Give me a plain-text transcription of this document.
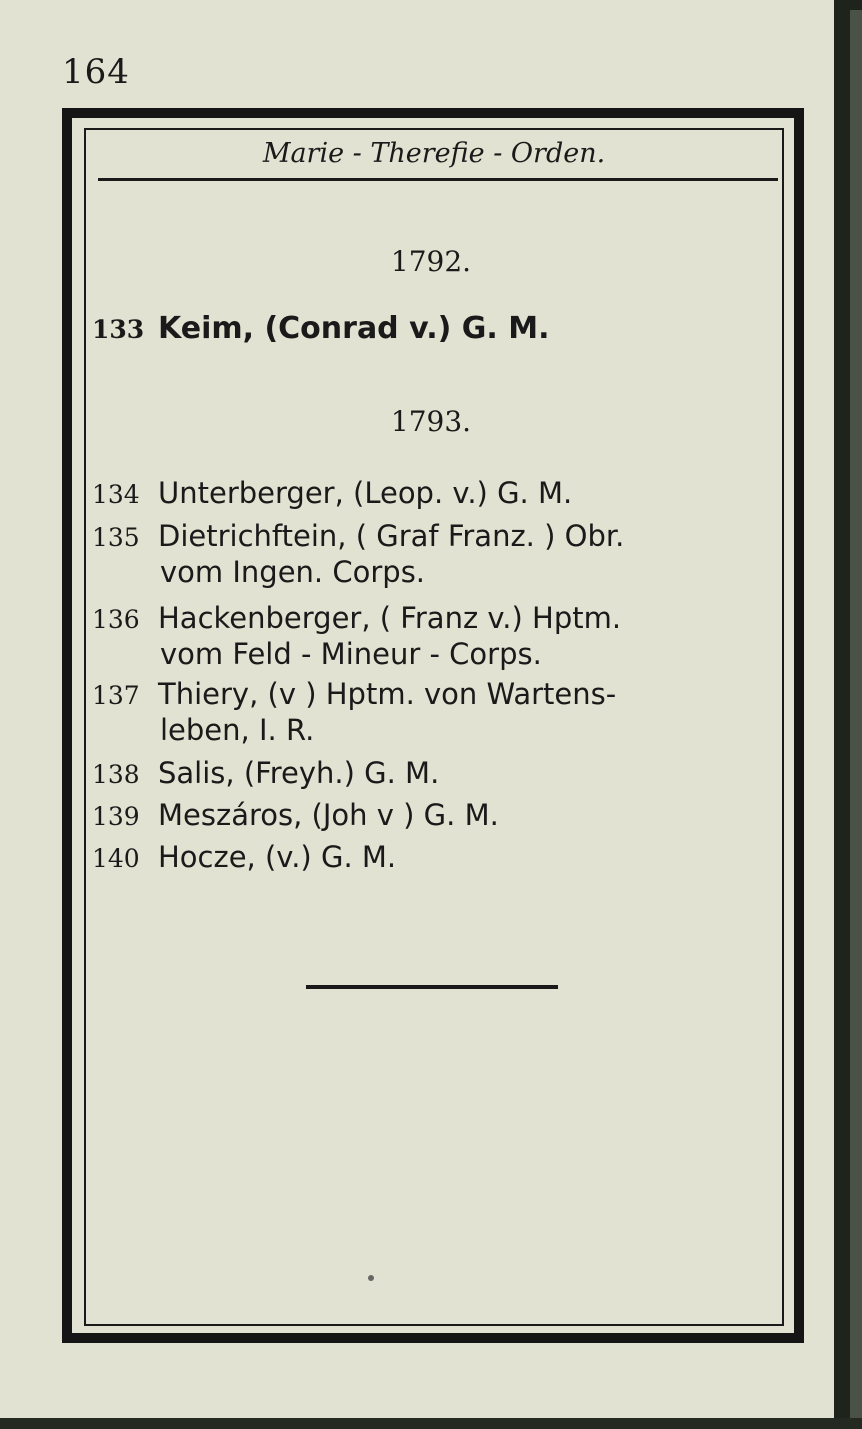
164
Marie - Therefie - Orden.
1792.
133 Keim, (Conrad v.) G. M.
1793.
134 Unterberger, (Leop. v.) G. M.
135 Dietrichftein, ( Graf Franz. ) Obr.
vom Ingen. Corps.
136 Hackenberger, ( Franz v.) Hptm.
vom Feld - Mineur - Corps.
137 Thiery, (v ) Hptm. von Wartens-
leben, I. R.
138 Salis, (Freyh.) G. M.
139 Meszáros, (Joh v ) G. M.
140 Hocze, (v.) G. M.
